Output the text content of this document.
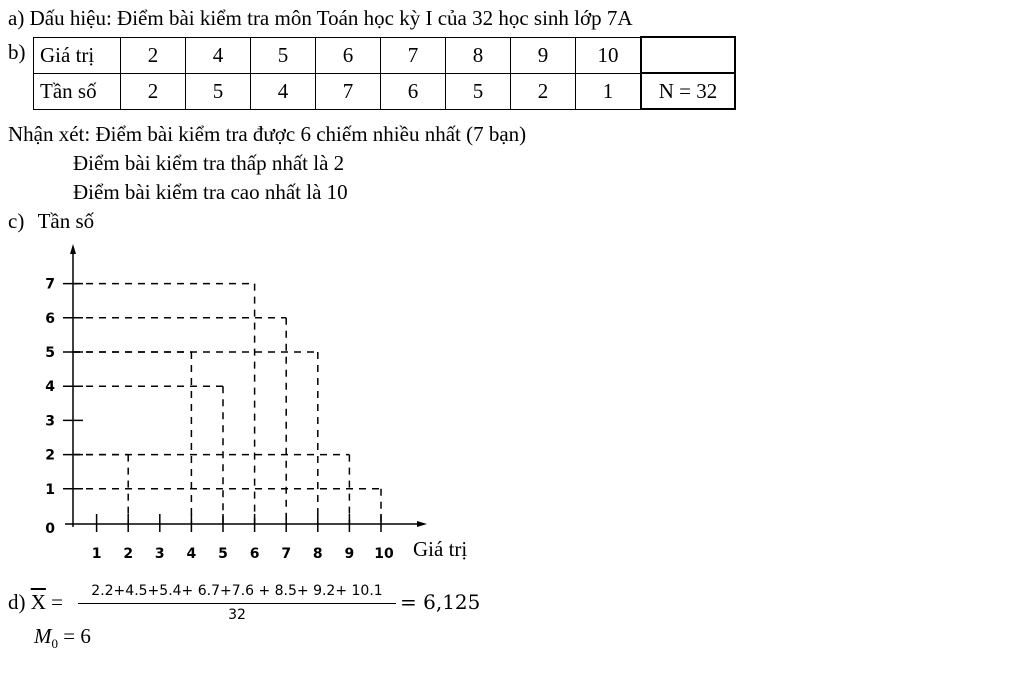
a) Dấu hiệu: Điểm bài kiểm tra môn Toán học kỳ I của 32 học sinh lớp 7A
b) Giá trị	2	4	5	6	7	8	9	10	
Tần số	2	5	4	7	6	5	2	1	N = 32
Nhận xét: Điểm bài kiểm tra được 6 chiếm nhiều nhất (7 bạn)
Điểm bài kiểm tra thấp nhất là 2
Điểm bài kiểm tra cao nhất là 10
c) Tần số
0
1
2
3
4
5
6
7
1 2 3 4 5 6 7 8 9 10 Giá trị
d) $\overline{X} = \frac{2.2+4.5+5.4+ 6.7+7.6 + 8.5+ 9.2+ 10.1}{32} = 6,125$
$M_0 = 6$
